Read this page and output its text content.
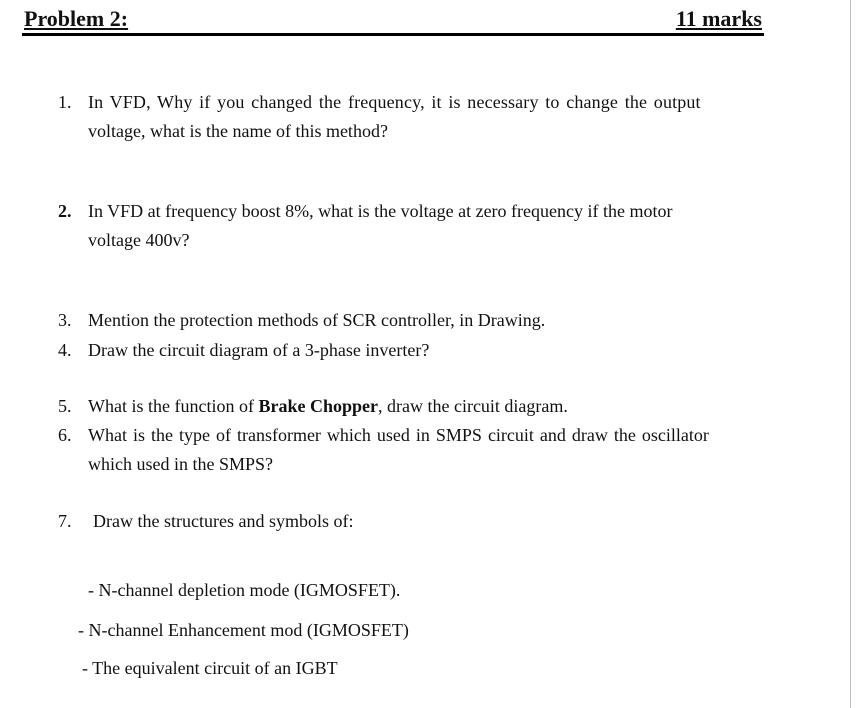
Problem 2:	11 marks
1. In VFD, Why if you changed the frequency, it is necessary to change the output
voltage, what is the name of this method?
2. In VFD at frequency boost 8%, what is the voltage at zero frequency if the motor
voltage 400v?
3. Mention the protection methods of SCR controller, in Drawing.
4. Draw the circuit diagram of a 3-phase inverter?
5. What is the function of Brake Chopper, draw the circuit diagram.
6. What is the type of transformer which used in SMPS circuit and draw the oscillator
which used in the SMPS?
7. Draw the structures and symbols of:
- N-channel depletion mode (IGMOSFET).
- N-channel Enhancement mod (IGMOSFET)
- The equivalent circuit of an IGBT
